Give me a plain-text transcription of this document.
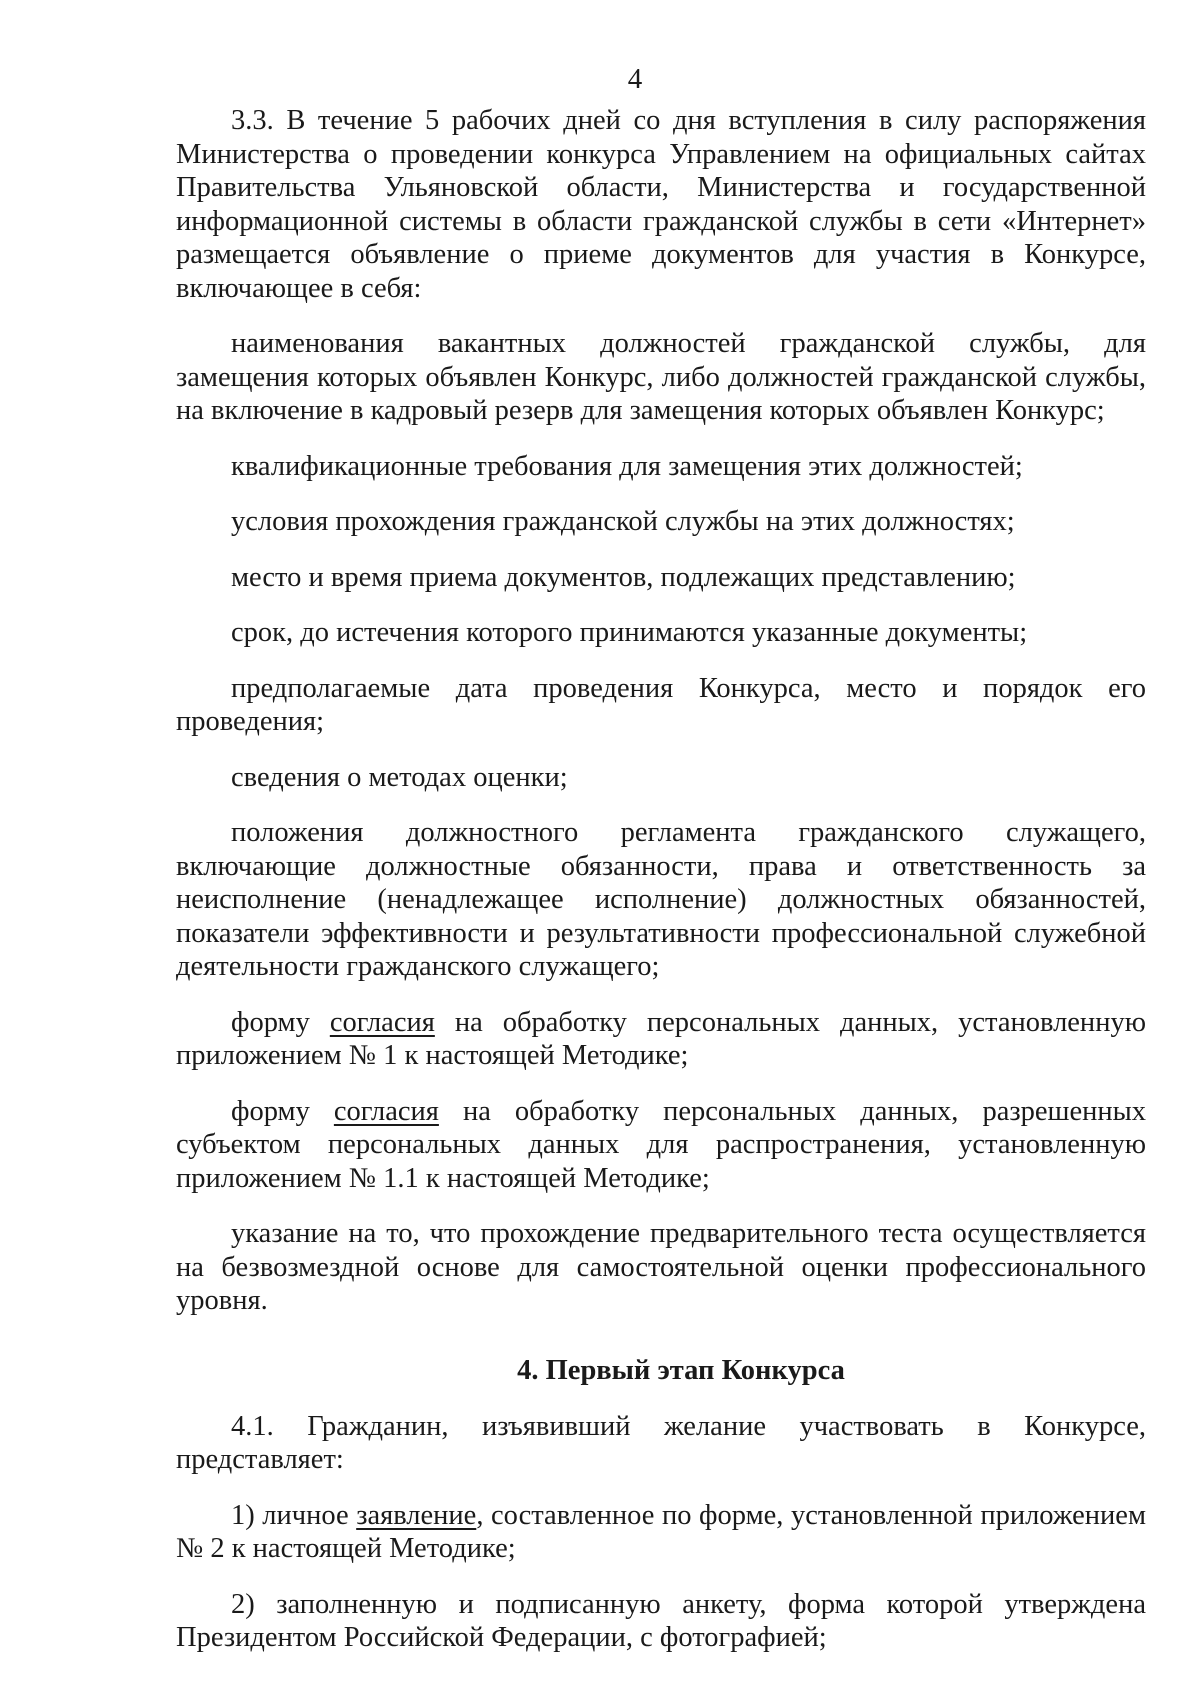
4

3.3. В течение 5 рабочих дней со дня вступления в силу распоряжения Министерства о проведении конкурса Управлением на официальных сайтах Правительства Ульяновской области, Министерства и государственной информационной системы в области гражданской службы в сети «Интернет» размещается объявление о приеме документов для участия в Конкурсе, включающее в себя:

наименования вакантных должностей гражданской службы, для замещения которых объявлен Конкурс, либо должностей гражданской службы, на включение в кадровый резерв для замещения которых объявлен Конкурс;

квалификационные требования для замещения этих должностей;

условия прохождения гражданской службы на этих должностях;

место и время приема документов, подлежащих представлению;

срок, до истечения которого принимаются указанные документы;

предполагаемые дата проведения Конкурса, место и порядок его проведения;

сведения о методах оценки;

положения должностного регламента гражданского служащего, включающие должностные обязанности, права и ответственность за неисполнение (ненадлежащее исполнение) должностных обязанностей, показатели эффективности и результативности профессиональной служебной деятельности гражданского служащего;

форму согласия на обработку персональных данных, установленную приложением № 1 к настоящей Методике;

форму согласия на обработку персональных данных, разрешенных субъектом персональных данных для распространения, установленную приложением № 1.1 к настоящей Методике;

указание на то, что прохождение предварительного теста осуществляется на безвозмездной основе для самостоятельной оценки профессионального уровня.

4. Первый этап Конкурса

4.1. Гражданин, изъявивший желание участвовать в Конкурсе, представляет:

1) личное заявление, составленное по форме, установленной приложением № 2 к настоящей Методике;

2) заполненную и подписанную анкету, форма которой утверждена Президентом Российской Федерации, с фотографией;
